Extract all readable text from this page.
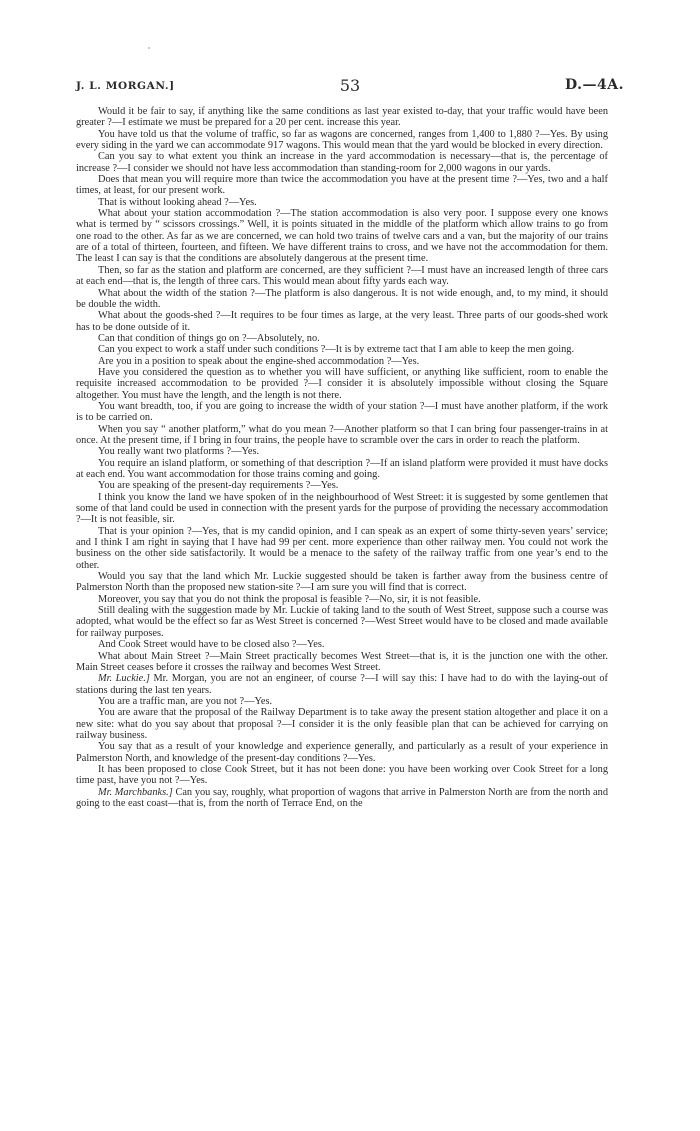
J. L. MORGAN.]	53	D.—4A.

Would it be fair to say, if anything like the same conditions as last year existed to-day, that your traffic would have been greater ?—I estimate we must be prepared for a 20 per cent. increase this year.

You have told us that the volume of traffic, so far as wagons are concerned, ranges from 1,400 to 1,880 ?—Yes. By using every siding in the yard we can accommodate 917 wagons. This would mean that the yard would be blocked in every direction.

Can you say to what extent you think an increase in the yard accommodation is necessary—that is, the percentage of increase ?—I consider we should not have less accommodation than standing-room for 2,000 wagons in our yards.

Does that mean you will require more than twice the accommodation you have at the present time ?—Yes, two and a half times, at least, for our present work.

That is without looking ahead ?—Yes.

What about your station accommodation ?—The station accommodation is also very poor. I suppose every one knows what is termed by “ scissors crossings.” Well, it is points situated in the middle of the platform which allow trains to go from one road to the other. As far as we are concerned, we can hold two trains of twelve cars and a van, but the majority of our trains are of a total of thirteen, fourteen, and fifteen. We have different trains to cross, and we have not the accommodation for them. The least I can say is that the conditions are absolutely dangerous at the present time.

Then, so far as the station and platform are concerned, are they sufficient ?—I must have an increased length of three cars at each end—that is, the length of three cars. This would mean about fifty yards each way.

What about the width of the station ?—The platform is also dangerous. It is not wide enough, and, to my mind, it should be double the width.

What about the goods-shed ?—It requires to be four times as large, at the very least. Three parts of our goods-shed work has to be done outside of it.

Can that condition of things go on ?—Absolutely, no.

Can you expect to work a staff under such conditions ?—It is by extreme tact that I am able to keep the men going.

Are you in a position to speak about the engine-shed accommodation ?—Yes.

Have you considered the question as to whether you will have sufficient, or anything like sufficient, room to enable the requisite increased accommodation to be provided ?—I consider it is absolutely impossible without closing the Square altogether. You must have the length, and the length is not there.

You want breadth, too, if you are going to increase the width of your station ?—I must have another platform, if the work is to be carried on.

When you say “ another platform,” what do you mean ?—Another platform so that I can bring four passenger-trains in at once. At the present time, if I bring in four trains, the people have to scramble over the cars in order to reach the platform.

You really want two platforms ?—Yes.

You require an island platform, or something of that description ?—If an island platform were provided it must have docks at each end. You want accommodation for those trains coming and going.

You are speaking of the present-day requirements ?—Yes.

I think you know the land we have spoken of in the neighbourhood of West Street: it is suggested by some gentlemen that some of that land could be used in connection with the present yards for the purpose of providing the necessary accommodation ?—It is not feasible, sir.

That is your opinion ?—Yes, that is my candid opinion, and I can speak as an expert of some thirty-seven years’ service; and I think I am right in saying that I have had 99 per cent. more experience than other railway men. You could not work the business on the other side satisfactorily. It would be a menace to the safety of the railway traffic from one year’s end to the other.

Would you say that the land which Mr. Luckie suggested should be taken is farther away from the business centre of Palmerston North than the proposed new station-site ?—I am sure you will find that is correct.

Moreover, you say that you do not think the proposal is feasible ?—No, sir, it is not feasible.

Still dealing with the suggestion made by Mr. Luckie of taking land to the south of West Street, suppose such a course was adopted, what would be the effect so far as West Street is concerned ?—West Street would have to be closed and made available for railway purposes.

And Cook Street would have to be closed also ?—Yes.

What about Main Street ?—Main Street practically becomes West Street—that is, it is the junction one with the other. Main Street ceases before it crosses the railway and becomes West Street.

Mr. Luckie.] Mr. Morgan, you are not an engineer, of course ?—I will say this: I have had to do with the laying-out of stations during the last ten years.

You are a traffic man, are you not ?—Yes.

You are aware that the proposal of the Railway Department is to take away the present station altogether and place it on a new site: what do you say about that proposal ?—I consider it is the only feasible plan that can be achieved for carrying on railway business.

You say that as a result of your knowledge and experience generally, and particularly as a result of your experience in Palmerston North, and knowledge of the present-day conditions ?—Yes.

It has been proposed to close Cook Street, but it has not been done: you have been working over Cook Street for a long time past, have you not ?—Yes.

Mr. Marchbanks.] Can you say, roughly, what proportion of wagons that arrive in Palmerston North are from the north and going to the east coast—that is, from the north of Terrace End, on the
